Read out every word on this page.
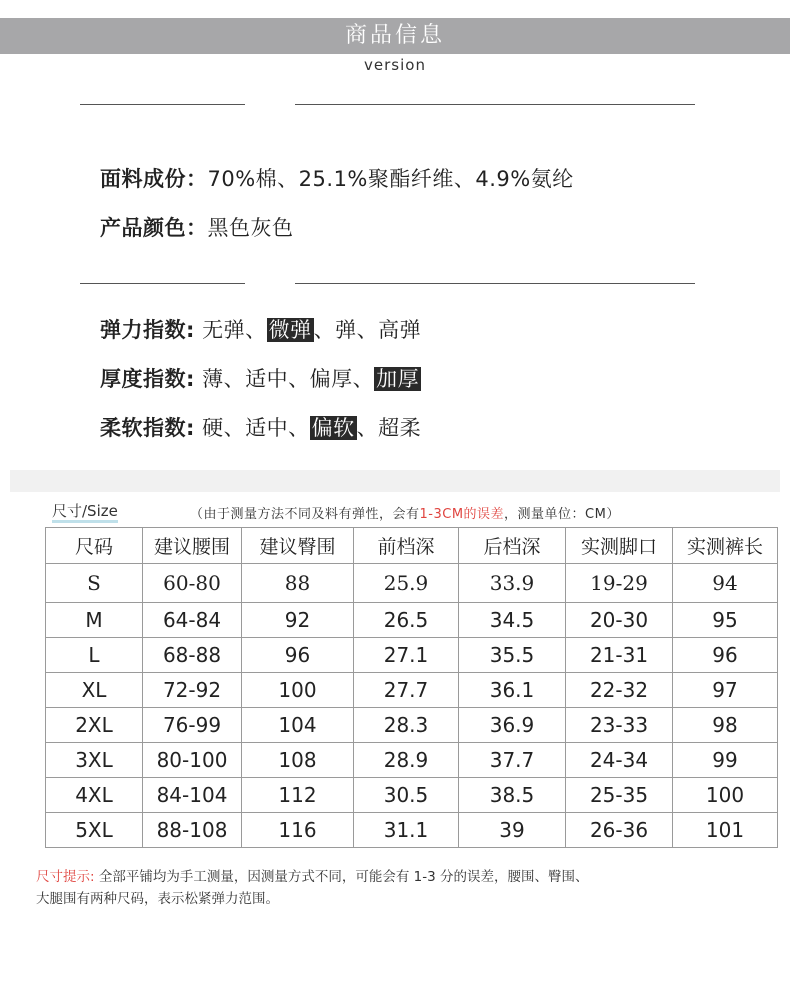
商品信息
version
面料成份：70%棉、25.1%聚酯纤维、4.9%氨纶
产品颜色：黑色灰色
弹力指数: 无弹、微弹、弹、高弹
厚度指数: 薄、适中、偏厚、加厚
柔软指数: 硬、适中、偏软、超柔
尺寸/Size	（由于测量方法不同及料有弹性，会有1-3CM的误差，测量单位：CM）
尺码	建议腰围	建议臀围	前档深	后档深	实测脚口	实测裤长
S	60-80	88	25.9	33.9	19-29	94
M	64-84	92	26.5	34.5	20-30	95
L	68-88	96	27.1	35.5	21-31	96
XL	72-92	100	27.7	36.1	22-32	97
2XL	76-99	104	28.3	36.9	23-33	98
3XL	80-100	108	28.9	37.7	24-34	99
4XL	84-104	112	30.5	38.5	25-35	100
5XL	88-108	116	31.1	39	26-36	101
尺寸提示: 全部平铺均为手工测量，因测量方式不同，可能会有 1-3 分的误差，腰围、臀围、
大腿围有两种尺码，表示松紧弹力范围。
